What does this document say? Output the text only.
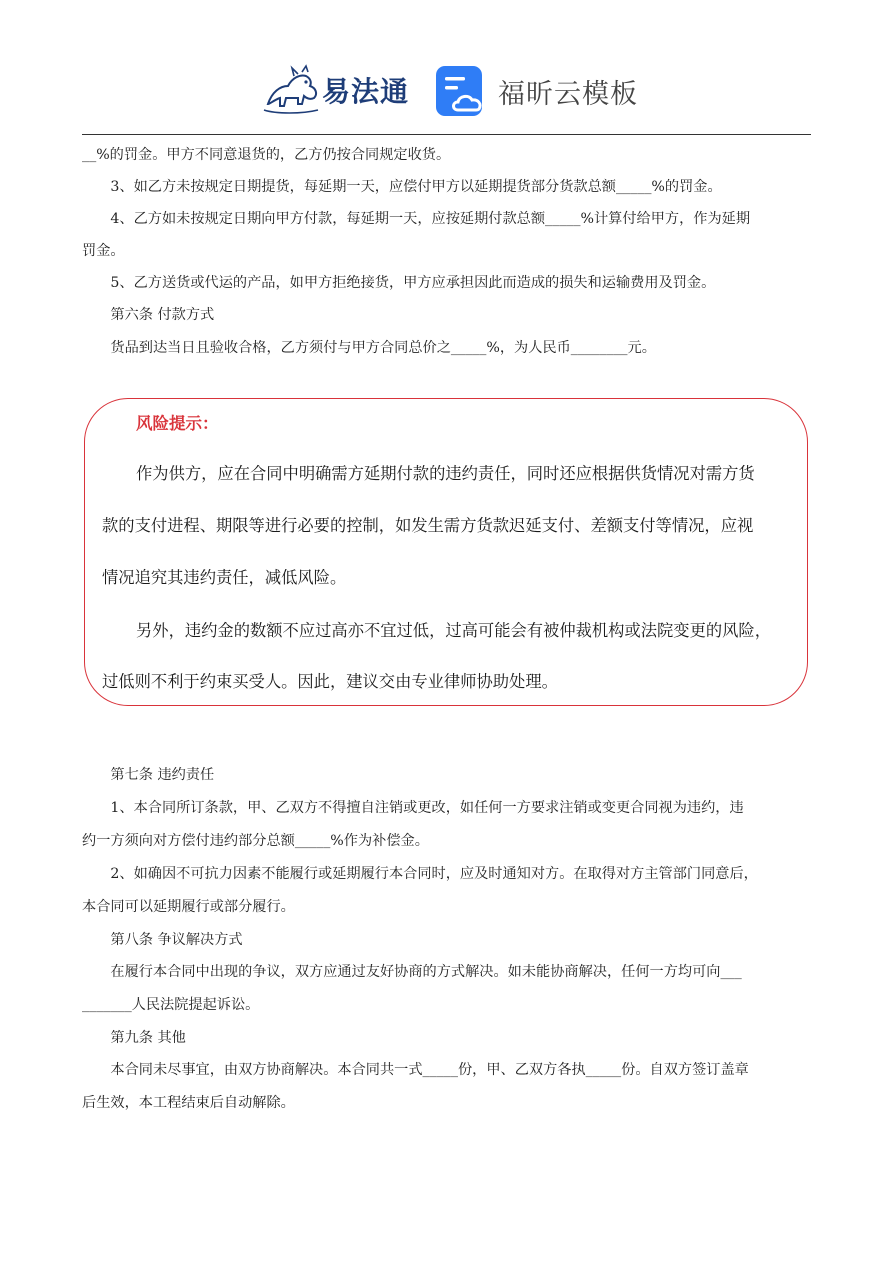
易法通	福昕云模板
__%的罚金。甲方不同意退货的，乙方仍按合同规定收货。
　　3、如乙方未按规定日期提货，每延期一天，应偿付甲方以延期提货部分货款总额_____%的罚金。
　　4、乙方如未按规定日期向甲方付款，每延期一天，应按延期付款总额_____%计算付给甲方，作为延期
罚金。
　　5、乙方送货或代运的产品，如甲方拒绝接货，甲方应承担因此而造成的损失和运输费用及罚金。
　　第六条 付款方式
　　货品到达当日且验收合格，乙方须付与甲方合同总价之_____%，为人民币________元。
风险提示：
作为供方，应在合同中明确需方延期付款的违约责任，同时还应根据供货情况对需方货
款的支付进程、期限等进行必要的控制，如发生需方货款迟延支付、差额支付等情况，应视
情况追究其违约责任，减低风险。
另外，违约金的数额不应过高亦不宜过低，过高可能会有被仲裁机构或法院变更的风险，
过低则不利于约束买受人。因此，建议交由专业律师协助处理。
　　第七条 违约责任
　　1、本合同所订条款，甲、乙双方不得擅自注销或更改，如任何一方要求注销或变更合同视为违约，违
约一方须向对方偿付违约部分总额_____%作为补偿金。
　　2、如确因不可抗力因素不能履行或延期履行本合同时，应及时通知对方。在取得对方主管部门同意后，
本合同可以延期履行或部分履行。
　　第八条 争议解决方式
　　在履行本合同中出现的争议，双方应通过友好协商的方式解决。如未能协商解决，任何一方均可向___
_______人民法院提起诉讼。
　　第九条 其他
　　本合同未尽事宜，由双方协商解决。本合同共一式_____份，甲、乙双方各执_____份。自双方签订盖章
后生效，本工程结束后自动解除。
